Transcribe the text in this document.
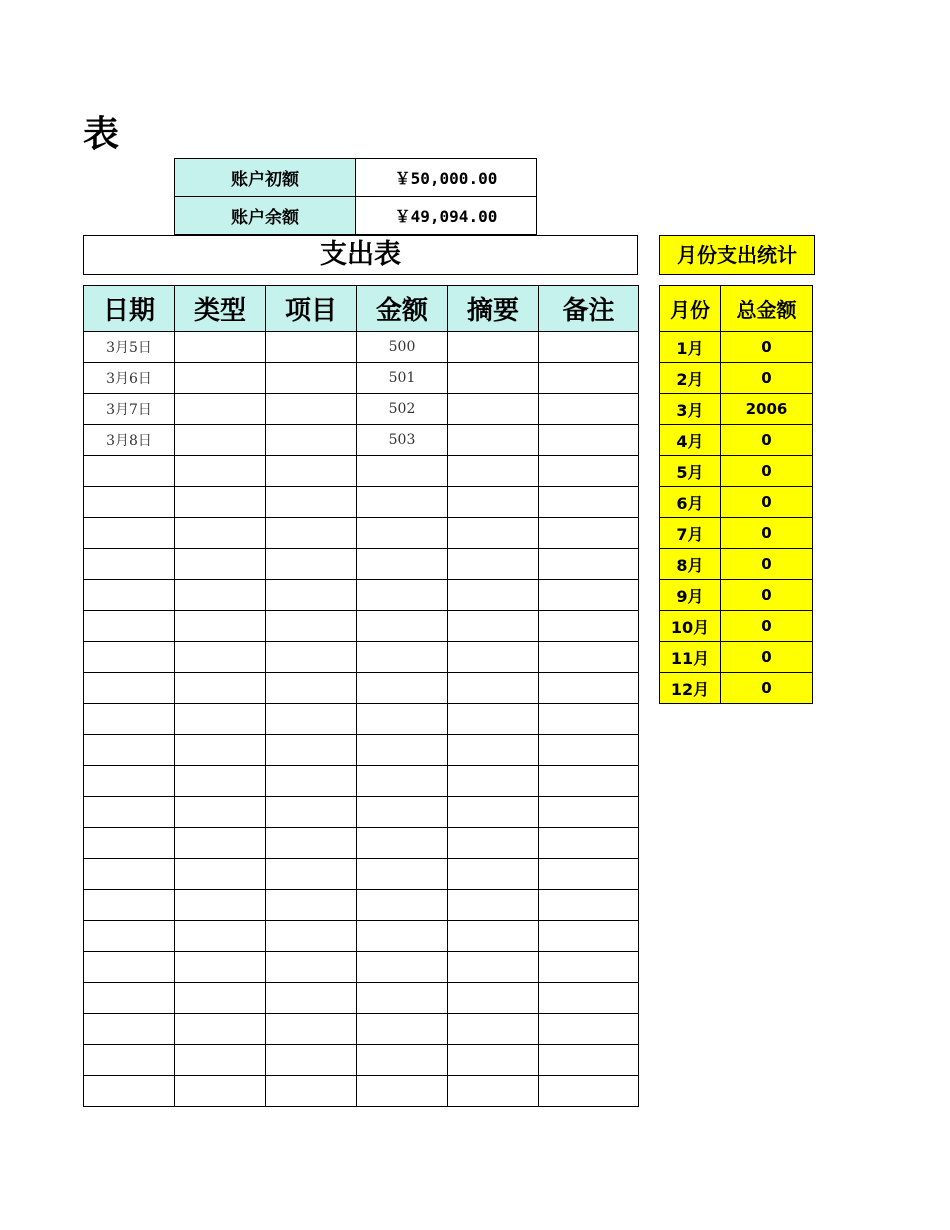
表
账户初额	￥50,000.00
账户余额	￥49,094.00
支出表
日期	类型	项目	金额	摘要	备注
3月5日			500		
3月6日			501		
3月7日			502		
3月8日			503		

月份支出统计
月份	总金额
1月	0
2月	0
3月	2006
4月	0
5月	0
6月	0
7月	0
8月	0
9月	0
10月	0
11月	0
12月	0
